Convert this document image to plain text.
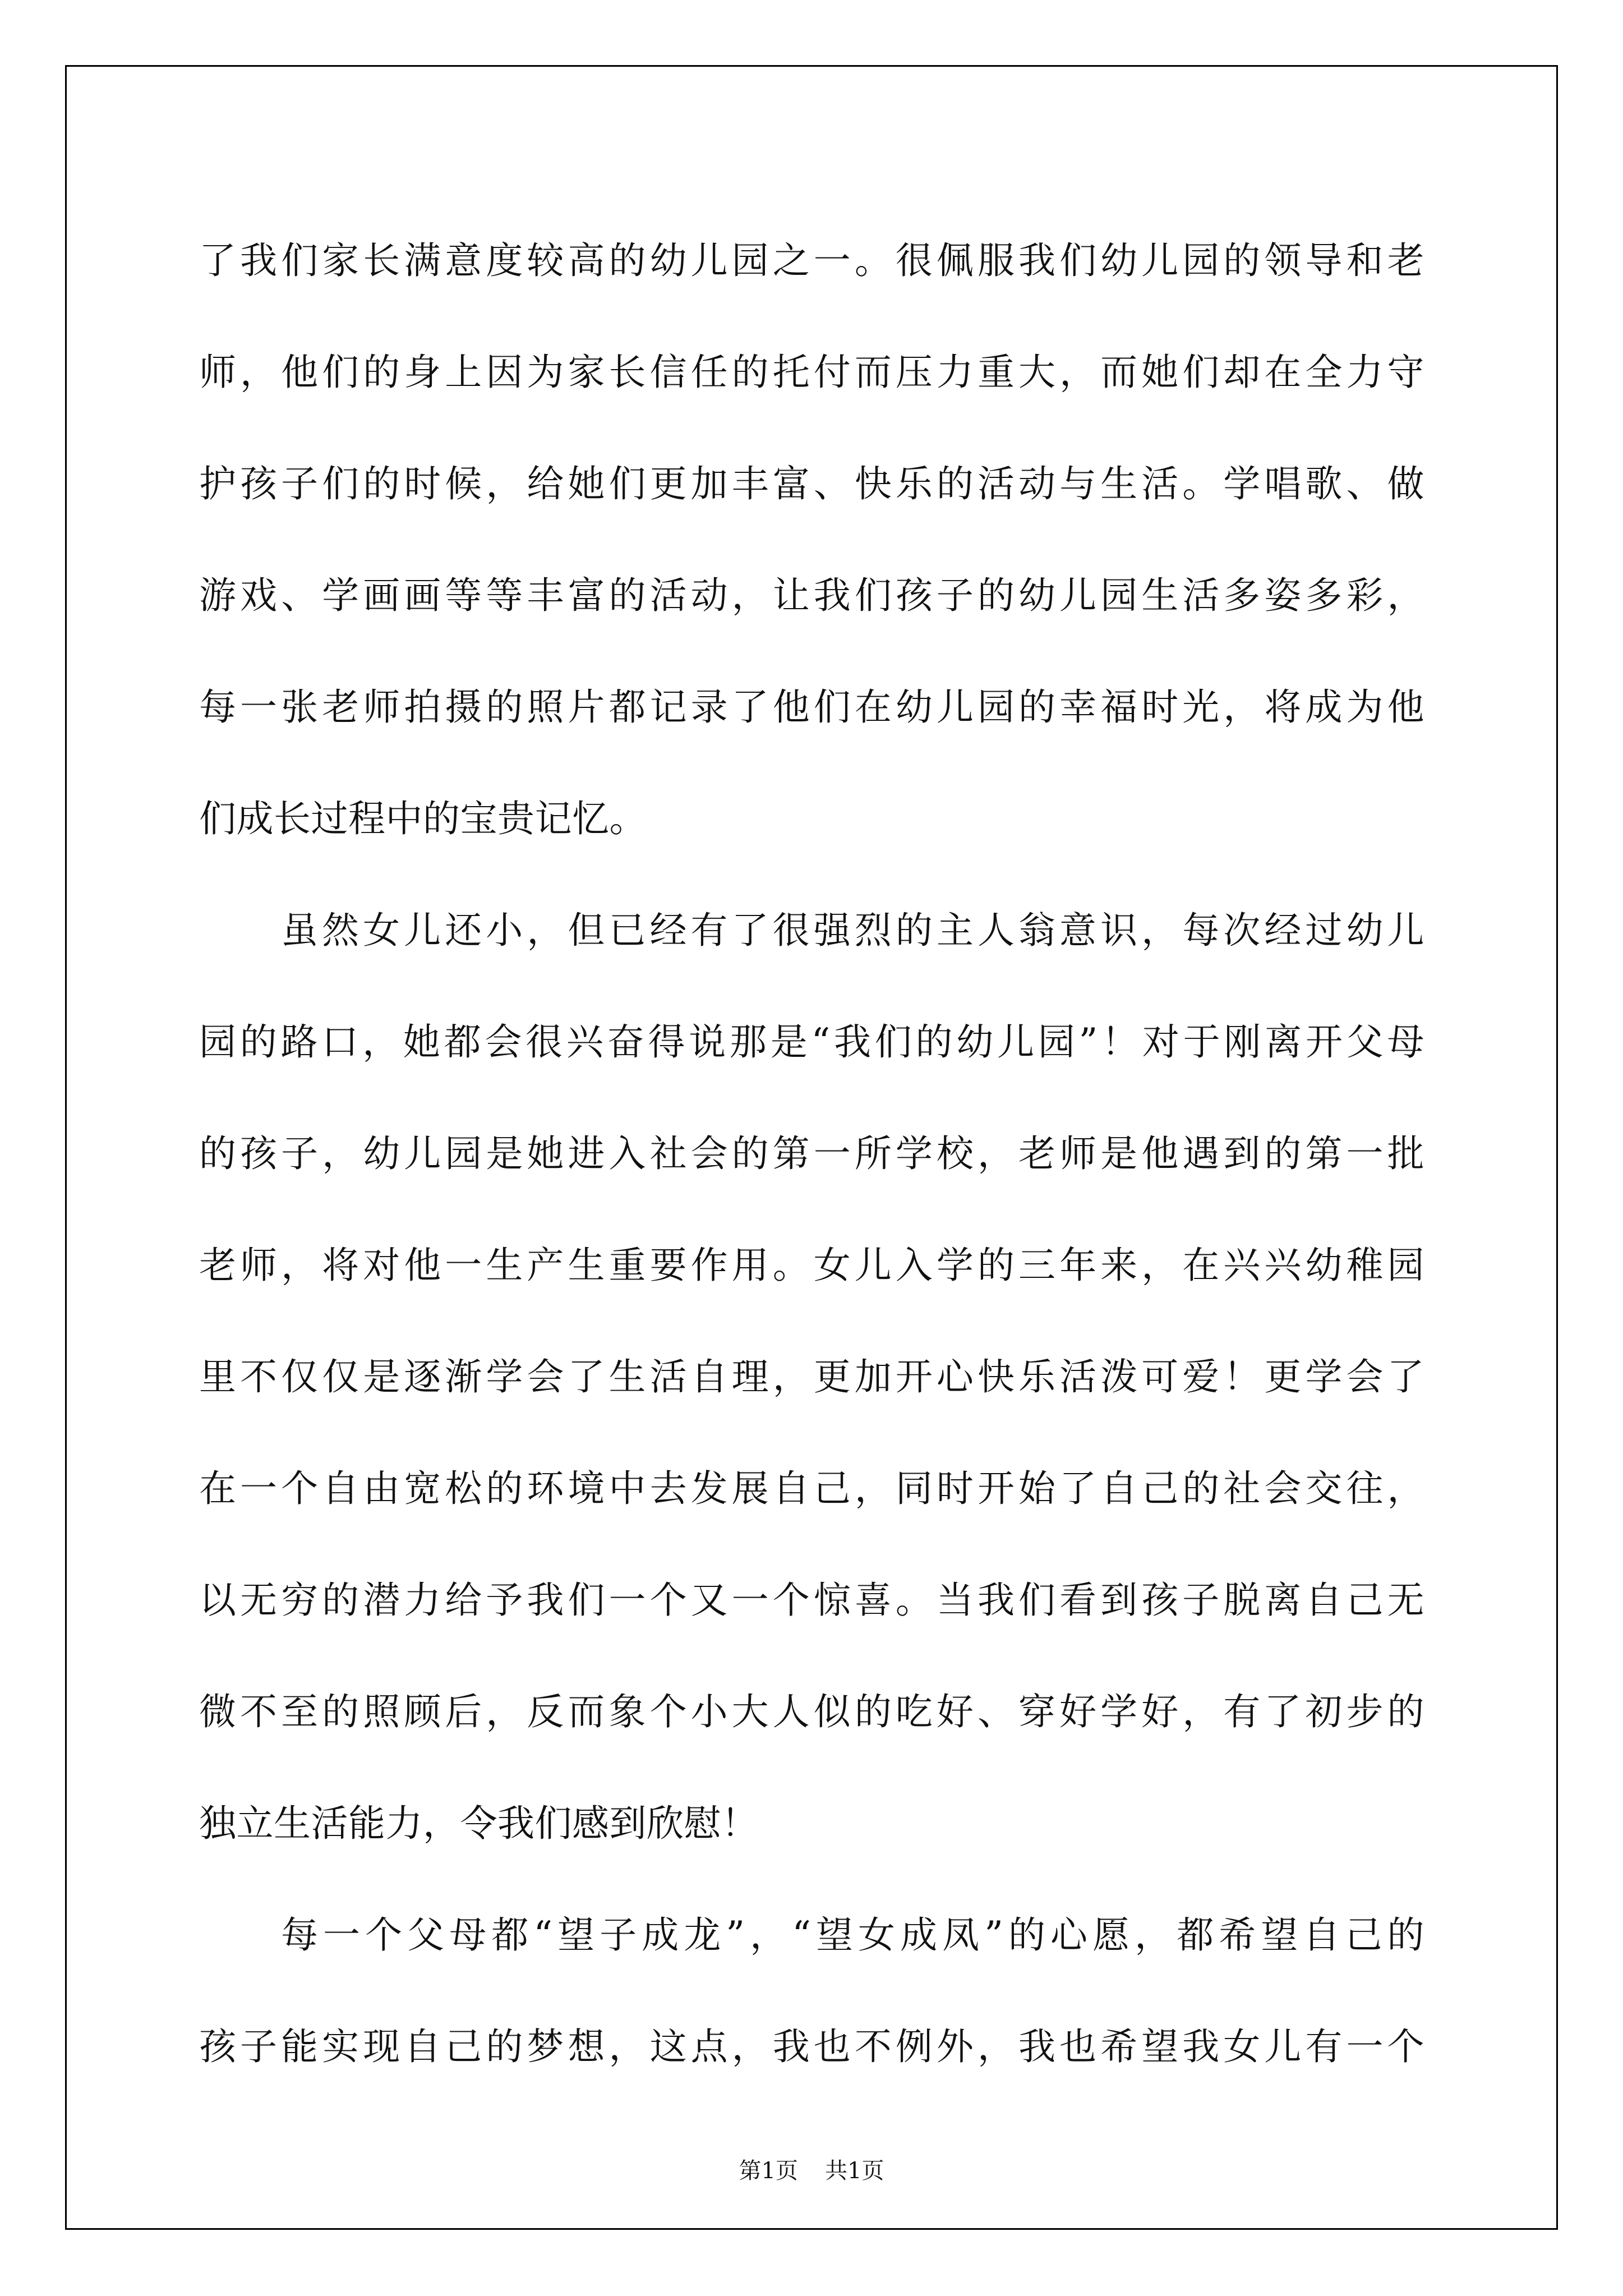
了我们家长满意度较高的幼儿园之一。很佩服我们幼儿园的领导和老
师，他们的身上因为家长信任的托付而压力重大，而她们却在全力守
护孩子们的时候，给她们更加丰富、快乐的活动与生活。学唱歌、做
游戏、学画画等等丰富的活动，让我们孩子的幼儿园生活多姿多彩，
每一张老师拍摄的照片都记录了他们在幼儿园的幸福时光，将成为他
们成长过程中的宝贵记忆。
虽然女儿还小，但已经有了很强烈的主人翁意识，每次经过幼儿
园的路口，她都会很兴奋得说那是“我们的幼儿园”！对于刚离开父母
的孩子，幼儿园是她进入社会的第一所学校，老师是他遇到的第一批
老师，将对他一生产生重要作用。女儿入学的三年来，在兴兴幼稚园
里不仅仅是逐渐学会了生活自理，更加开心快乐活泼可爱！更学会了
在一个自由宽松的环境中去发展自己，同时开始了自己的社会交往，
以无穷的潜力给予我们一个又一个惊喜。当我们看到孩子脱离自己无
微不至的照顾后，反而象个小大人似的吃好、穿好学好，有了初步的
独立生活能力，令我们感到欣慰！
每一个父母都“望子成龙”，“望女成凤”的心愿，都希望自己的
孩子能实现自己的梦想，这点，我也不例外，我也希望我女儿有一个
第1页 共1页
